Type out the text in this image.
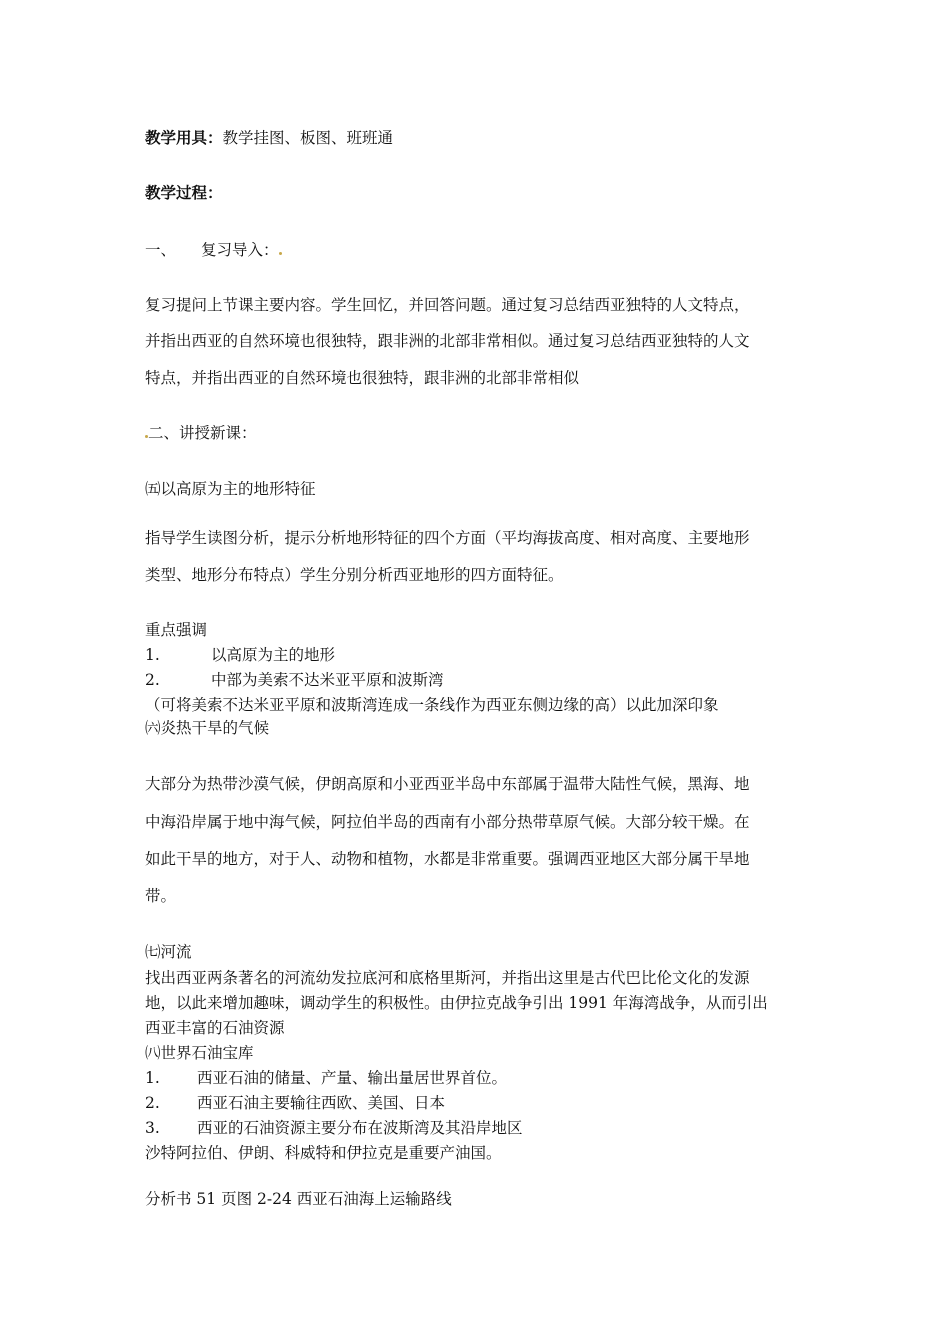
教学用具：教学挂图、板图、班班通

教学过程：

一、 复习导入：

复习提问上节课主要内容。学生回忆，并回答问题。通过复习总结西亚独特的人文特点，

并指出西亚的自然环境也很独特，跟非洲的北部非常相似。通过复习总结西亚独特的人文

特点，并指出西亚的自然环境也很独特，跟非洲的北部非常相似

二、讲授新课：

㈤以高原为主的地形特征

指导学生读图分析，提示分析地形特征的四个方面（平均海拔高度、相对高度、主要地形

类型、地形分布特点）学生分别分析西亚地形的四方面特征。

重点强调

1.	以高原为主的地形

2.	中部为美索不达米亚平原和波斯湾

（可将美索不达米亚平原和波斯湾连成一条线作为西亚东侧边缘的高）以此加深印象

㈥炎热干旱的气候

大部分为热带沙漠气候，伊朗高原和小亚西亚半岛中东部属于温带大陆性气候，黑海、地

中海沿岸属于地中海气候，阿拉伯半岛的西南有小部分热带草原气候。大部分较干燥。在

如此干旱的地方，对于人、动物和植物，水都是非常重要。强调西亚地区大部分属干旱地

带。

㈦河流

找出西亚两条著名的河流幼发拉底河和底格里斯河，并指出这里是古代巴比伦文化的发源

地，以此来增加趣味，调动学生的积极性。由伊拉克战争引出 1991 年海湾战争，从而引出

西亚丰富的石油资源

㈧世界石油宝库

1. 西亚石油的储量、产量、输出量居世界首位。

2. 西亚石油主要输往西欧、美国、日本

3. 西亚的石油资源主要分布在波斯湾及其沿岸地区

沙特阿拉伯、伊朗、科威特和伊拉克是重要产油国。

分析书 51 页图 2-24 西亚石油海上运输路线
